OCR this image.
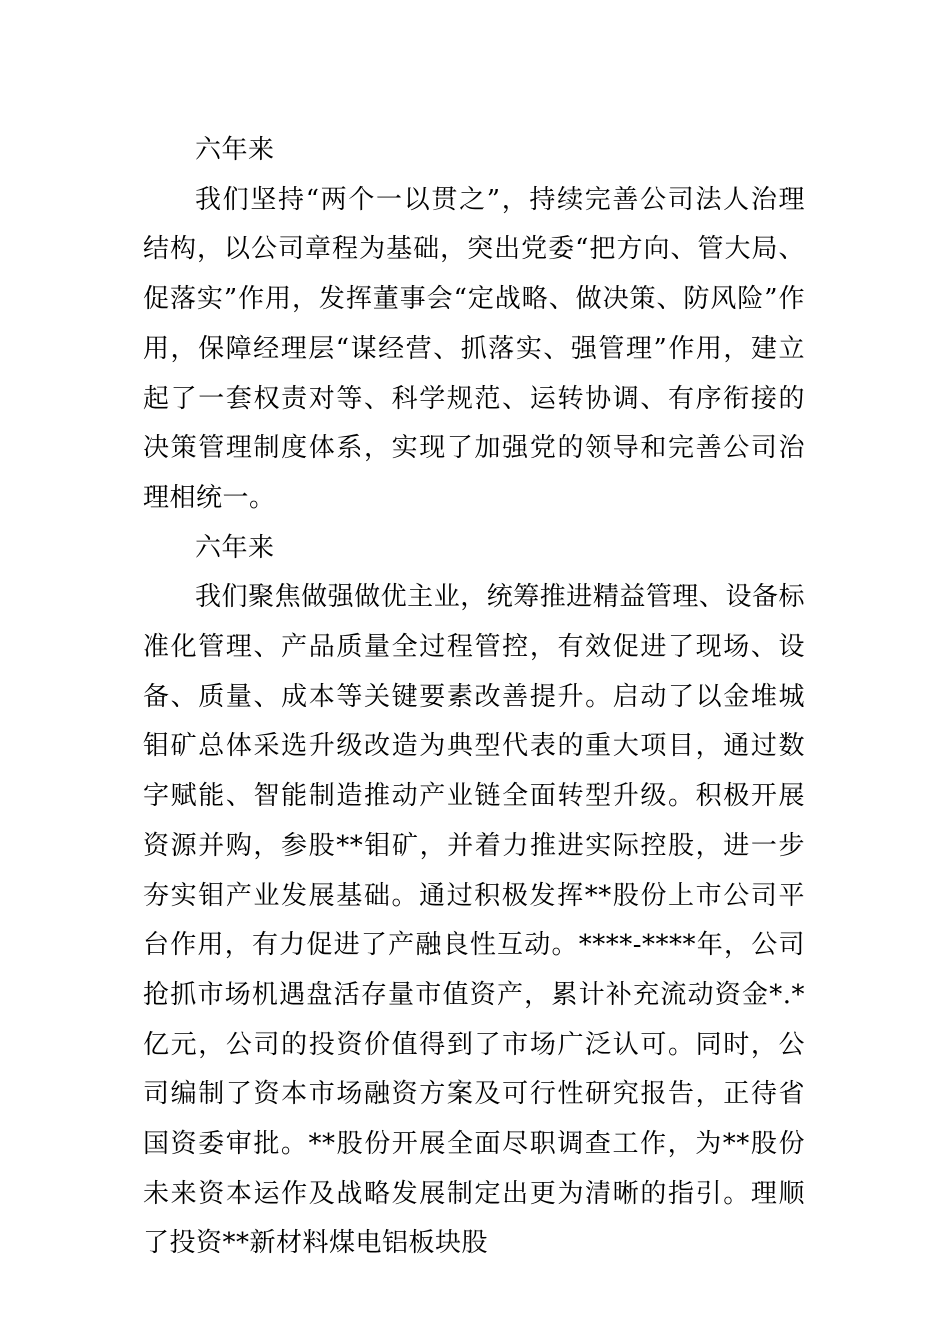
六年来

我们坚持“两个一以贯之”，持续完善公司法人治理结构，以公司章程为基础，突出党委“把方向、管大局、促落实”作用，发挥董事会“定战略、做决策、防风险”作用，保障经理层“谋经营、抓落实、强管理”作用，建立起了一套权责对等、科学规范、运转协调、有序衔接的决策管理制度体系，实现了加强党的领导和完善公司治理相统一。

六年来

我们聚焦做强做优主业，统筹推进精益管理、设备标准化管理、产品质量全过程管控，有效促进了现场、设备、质量、成本等关键要素改善提升。启动了以金堆城钼矿总体采选升级改造为典型代表的重大项目，通过数字赋能、智能制造推动产业链全面转型升级。积极开展资源并购，参股**钼矿，并着力推进实际控股，进一步夯实钼产业发展基础。通过积极发挥**股份上市公司平台作用，有力促进了产融良性互动。****-****年，公司抢抓市场机遇盘活存量市值资产，累计补充流动资金*.*亿元，公司的投资价值得到了市场广泛认可。同时，公司编制了资本市场融资方案及可行性研究报告，正待省国资委审批。**股份开展全面尽职调查工作，为**股份未来资本运作及战略发展制定出更为清晰的指引。理顺了投资**新材料煤电铝板块股
